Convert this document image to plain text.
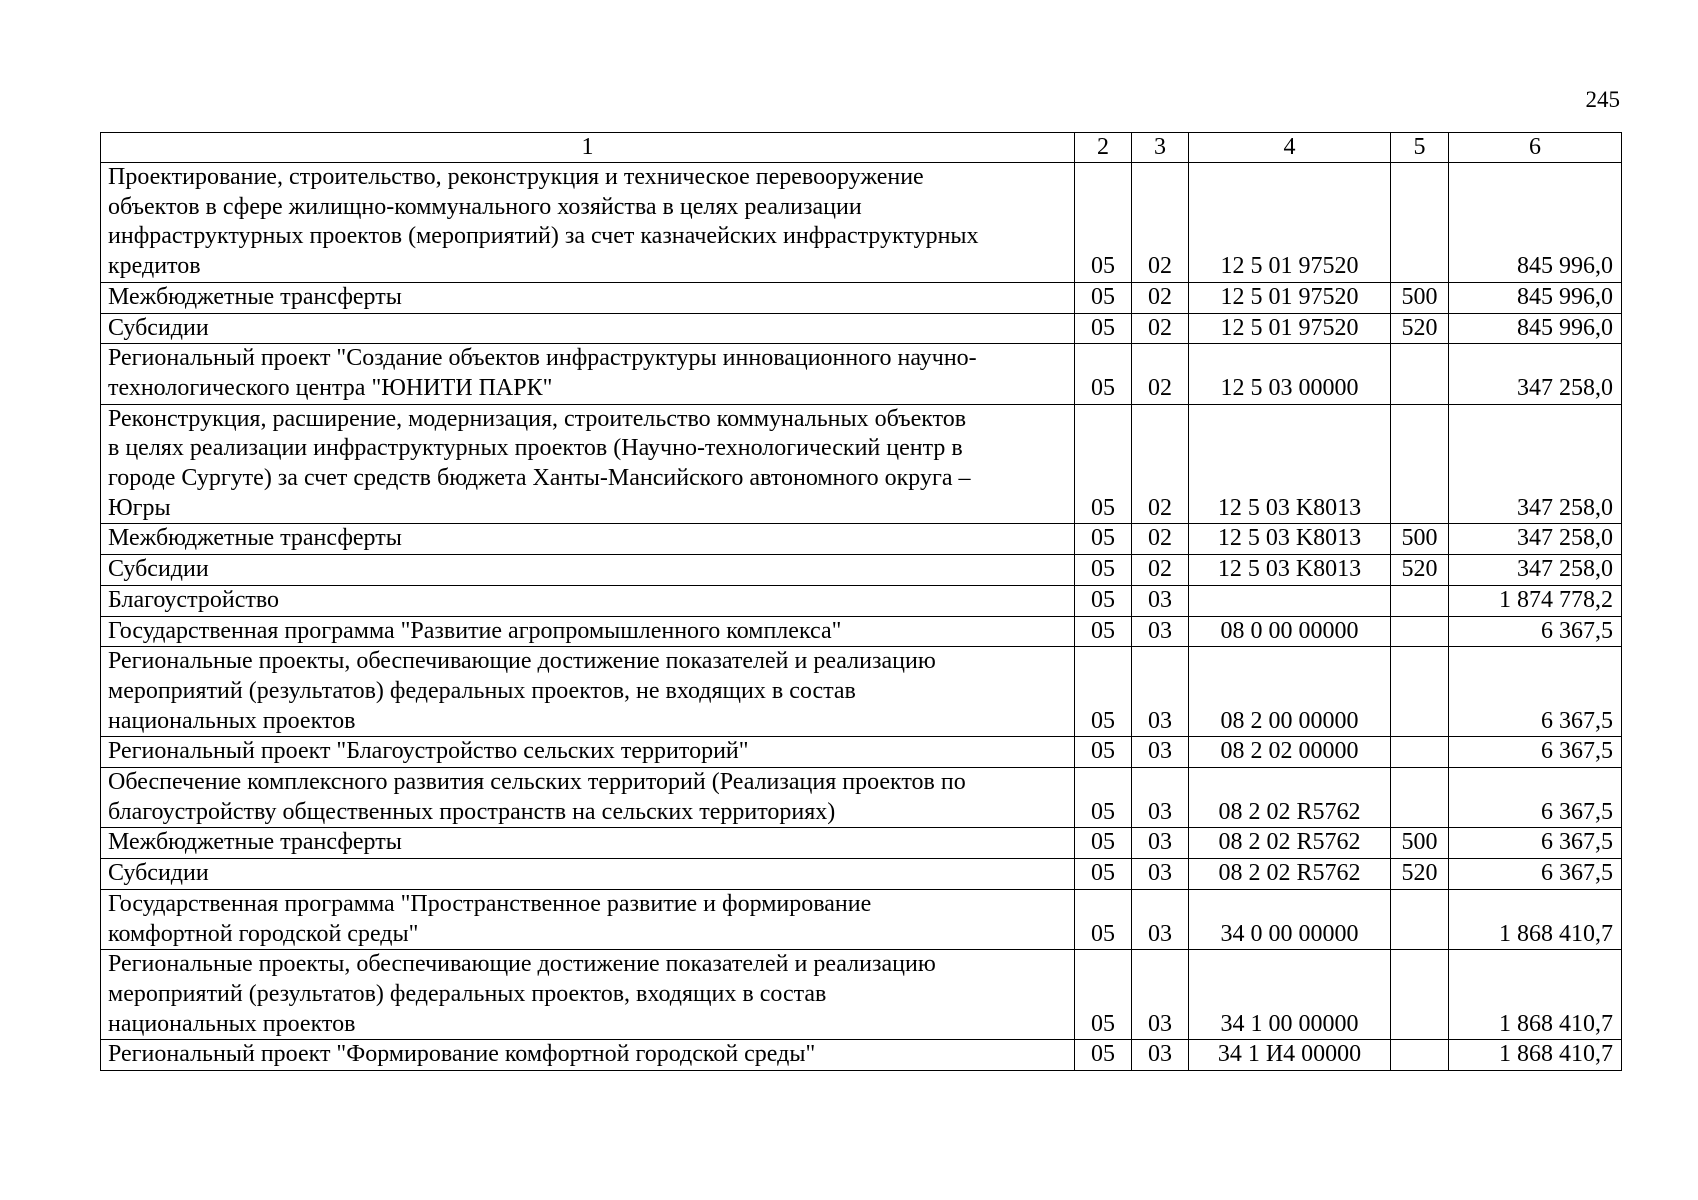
245
1	2	3	4	5	6
Проектирование, строительство, реконструкция и техническое перевооружение
объектов в сфере жилищно-коммунального хозяйства в целях реализации
инфраструктурных проектов (мероприятий) за счет казначейских инфраструктурных
кредитов	05	02	12 5 01 97520		845 996,0
Межбюджетные трансферты	05	02	12 5 01 97520	500	845 996,0
Субсидии	05	02	12 5 01 97520	520	845 996,0
Региональный проект "Создание объектов инфраструктуры инновационного научно-
технологического центра "ЮНИТИ ПАРК"	05	02	12 5 03 00000		347 258,0
Реконструкция, расширение, модернизация, строительство коммунальных объектов
в целях реализации инфраструктурных проектов (Научно-технологический центр в
городе Сургуте) за счет средств бюджета Ханты-Мансийского автономного округа –
Югры	05	02	12 5 03 K8013		347 258,0
Межбюджетные трансферты	05	02	12 5 03 K8013	500	347 258,0
Субсидии	05	02	12 5 03 K8013	520	347 258,0
Благоустройство	05	03			1 874 778,2
Государственная программа "Развитие агропромышленного комплекса"	05	03	08 0 00 00000		6 367,5
Региональные проекты, обеспечивающие достижение показателей и реализацию
мероприятий (результатов) федеральных проектов, не входящих в состав
национальных проектов	05	03	08 2 00 00000		6 367,5
Региональный проект "Благоустройство сельских территорий"	05	03	08 2 02 00000		6 367,5
Обеспечение комплексного развития сельских территорий (Реализация проектов по
благоустройству общественных пространств на сельских территориях)	05	03	08 2 02 R5762		6 367,5
Межбюджетные трансферты	05	03	08 2 02 R5762	500	6 367,5
Субсидии	05	03	08 2 02 R5762	520	6 367,5
Государственная программа "Пространственное развитие и формирование
комфортной городской среды"	05	03	34 0 00 00000		1 868 410,7
Региональные проекты, обеспечивающие достижение показателей и реализацию
мероприятий (результатов) федеральных проектов, входящих в состав
национальных проектов	05	03	34 1 00 00000		1 868 410,7
Региональный проект "Формирование комфортной городской среды"	05	03	34 1 И4 00000		1 868 410,7
